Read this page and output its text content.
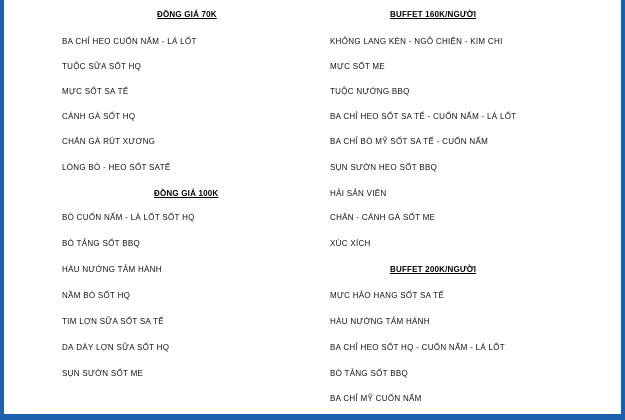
ĐỒNG GIÁ 70K
BA CHỈ HEO CUỐN NẤM - LÁ LỐT
TUỘC SỮA SỐT HQ
MỰC SỐT SA TẾ
CÁNH GÀ SỐT HQ
CHÂN GÀ RÚT XƯƠNG
LÒNG BÒ - HEO SỐT SATẾ
ĐỒNG GIÁ 100K
BÒ CUỐN NẤM - LÁ LỐT SỐT HQ
BÒ TẢNG SỐT BBQ
HÀU NƯỚNG TẢM HÀNH
NẦM BÒ SỐT HQ
TIM LỢN SỮA SỐT SA TẾ
DẠ DÀY LỢN SỮA SỐT HQ
SỤN SƯỜN SỐT ME
BUFFET 160K/NGƯỜI
KHÔNG LANG KÈN - NGÔ CHIÊN - KIM CHI
MỰC SỐT ME
TUỘC NƯỚNG BBQ
BA CHỈ HEO SỐT SA TẾ - CUỐN NẤM - LÁ LỐT
BA CHỈ BÒ MỸ SỐT SA TẾ - CUỐN NẤM
SỤN SƯỜN HEO SỐT BBQ
HẢI SẢN VIÊN
CHÂN - CÁNH GÀ SỐT ME
XÚC XÍCH
BUFFET 200K/NGƯỜI
MỰC HẢO HẠNG SỐT SA TẾ
HÀU NƯỚNG TẢM HÀNH
BA CHỈ HEO SỐT HQ - CUỐN NẤM - LÁ LỐT
BÒ TẢNG SỐT BBQ
BA CHỈ MỸ CUỐN NẤM
